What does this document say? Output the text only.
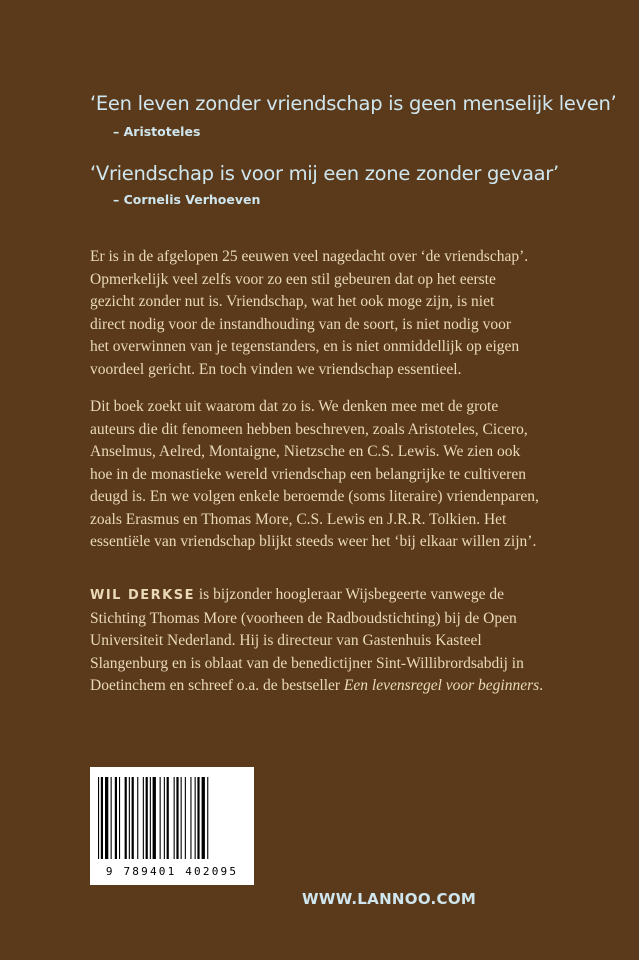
‘Een leven zonder vriendschap is geen menselijk leven’
– Aristoteles
‘Vriendschap is voor mij een zone zonder gevaar’
– Cornelis Verhoeven
Er is in de afgelopen 25 eeuwen veel nagedacht over ‘de vriendschap’.
Opmerkelijk veel zelfs voor zo een stil gebeuren dat op het eerste
gezicht zonder nut is. Vriendschap, wat het ook moge zijn, is niet
direct nodig voor de instandhouding van de soort, is niet nodig voor
het overwinnen van je tegenstanders, en is niet onmiddellijk op eigen
voordeel gericht. En toch vinden we vriendschap essentieel.
Dit boek zoekt uit waarom dat zo is. We denken mee met de grote
auteurs die dit fenomeen hebben beschreven, zoals Aristoteles, Cicero,
Anselmus, Aelred, Montaigne, Nietzsche en C.S. Lewis. We zien ook
hoe in de monastieke wereld vriendschap een belangrijke te cultiveren
deugd is. En we volgen enkele beroemde (soms literaire) vriendenparen,
zoals Erasmus en Thomas More, C.S. Lewis en J.R.R. Tolkien. Het
essentiële van vriendschap blijkt steeds weer het ‘bij elkaar willen zijn’.
WIL DERKSE is bijzonder hoogleraar Wijsbegeerte vanwege de
Stichting Thomas More (voorheen de Radboudstichting) bij de Open
Universiteit Nederland. Hij is directeur van Gastenhuis Kasteel
Slangenburg en is oblaat van de benedictijner Sint-Willibrordsabdij in
Doetinchem en schreef o.a. de bestseller Een levensregel voor beginners.
9 789401 402095
WWW.LANNOO.COM
